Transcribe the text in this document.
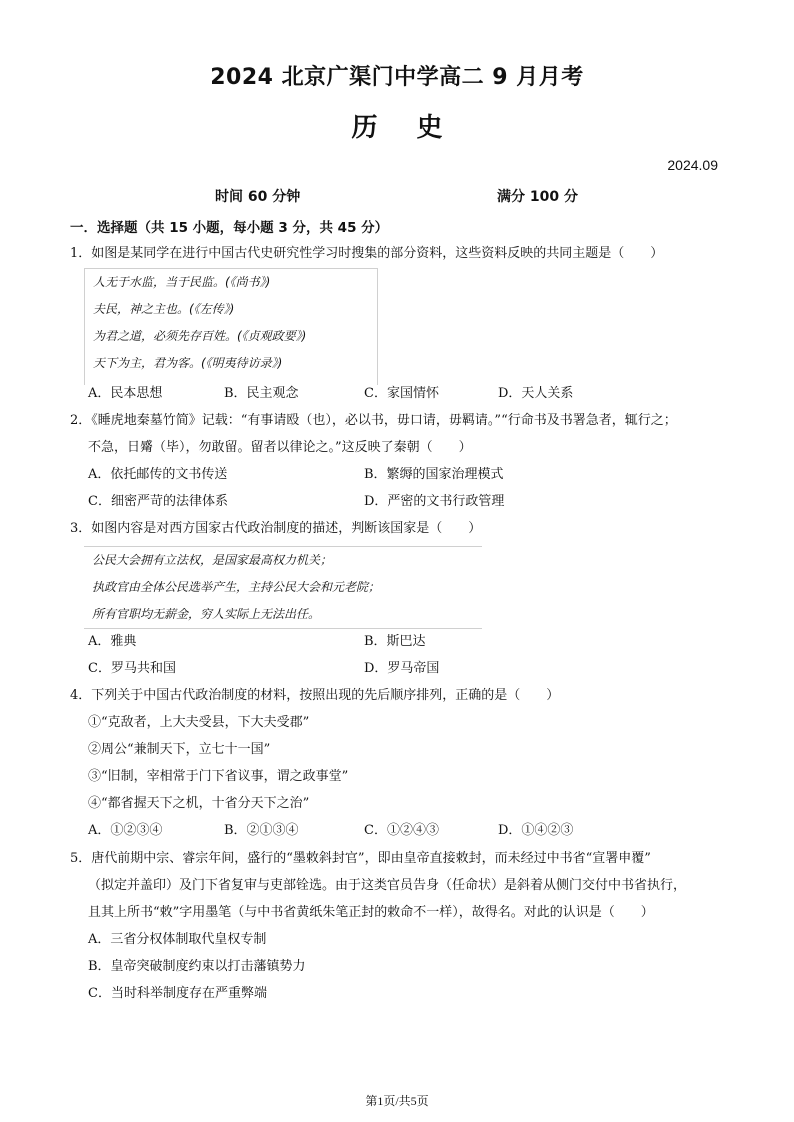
2024 北京广渠门中学高二 9 月月考
历 史
2024.09
时间 60 分钟	满分 100 分
一．选择题（共 15 小题，每小题 3 分，共 45 分）
1．如图是某同学在进行中国古代史研究性学习时搜集的部分资料，这些资料反映的共同主题是（　　）
人无于水监，当于民监。(《尚书》)
夫民，神之主也。(《左传》)
为君之道，必须先存百姓。(《贞观政要》)
天下为主，君为客。(《明夷待访录》)
A．民本思想	B．民主观念	C．家国情怀	D．天人关系
2．《睡虎地秦墓竹简》记载：“有事请殴（也），必以书，毋口请，毋羁请。”“行命书及书署急者，辄行之；
不急，日觱（毕），勿敢留。留者以律论之。”这反映了秦朝（　　）
A．依托邮传的文书传送	B．繁缛的国家治理模式
C．细密严苛的法律体系	D．严密的文书行政管理
3．如图内容是对西方国家古代政治制度的描述，判断该国家是（　　）
公民大会拥有立法权，是国家最高权力机关；
执政官由全体公民选举产生，主持公民大会和元老院；
所有官职均无薪金，穷人实际上无法出任。
A．雅典	B．斯巴达
C．罗马共和国	D．罗马帝国
4．下列关于中国古代政治制度的材料，按照出现的先后顺序排列，正确的是（　　）
①“克敌者，上大夫受县，下大夫受郡”
②周公“兼制天下，立七十一国”
③“旧制，宰相常于门下省议事，谓之政事堂”
④“都省握天下之机，十省分天下之治”
A．①②③④	B．②①③④	C．①②④③	D．①④②③
5．唐代前期中宗、睿宗年间，盛行的“墨敕斜封官”，即由皇帝直接敕封，而未经过中书省“宣署申覆”
（拟定并盖印）及门下省复审与吏部铨选。由于这类官员告身（任命状）是斜着从侧门交付中书省执行，
且其上所书“敕”字用墨笔（与中书省黄纸朱笔正封的敕命不一样），故得名。对此的认识是（　　）
A．三省分权体制取代皇权专制
B．皇帝突破制度约束以打击藩镇势力
C．当时科举制度存在严重弊端
第1页/共5页
